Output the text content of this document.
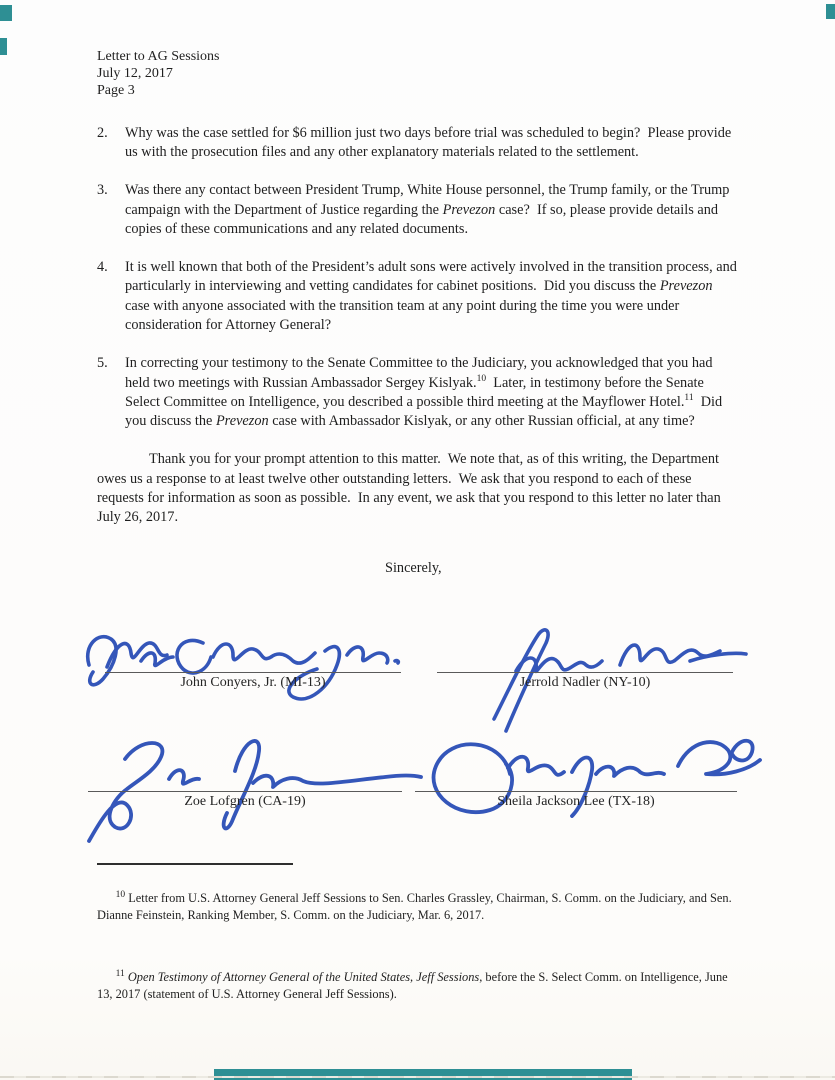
Letter to AG Sessions
July 12, 2017
Page 3
2.	Why was the case settled for $6 million just two days before trial was scheduled to begin?  Please provide us with the prosecution files and any other explanatory materials related to the settlement.
3.	Was there any contact between President Trump, White House personnel, the Trump family, or the Trump campaign with the Department of Justice regarding the Prevezon case?  If so, please provide details and copies of these communications and any related documents.
4.	It is well known that both of the President’s adult sons were actively involved in the transition process, and particularly in interviewing and vetting candidates for cabinet positions.  Did you discuss the Prevezon case with anyone associated with the transition team at any point during the time you were under consideration for Attorney General?
5.	In correcting your testimony to the Senate Committee to the Judiciary, you acknowledged that you had held two meetings with Russian Ambassador Sergey Kislyak.$^{10}$  Later, in testimony before the Senate Select Committee on Intelligence, you described a possible third meeting at the Mayflower Hotel.$^{11}$  Did you discuss the Prevezon case with Ambassador Kislyak, or any other Russian official, at any time?

Thank you for your prompt attention to this matter.  We note that, as of this writing, the Department owes us a response to at least twelve other outstanding letters.  We ask that you respond to each of these requests for information as soon as possible.  In any event, we ask that you respond to this letter no later than July 26, 2017.

Sincerely,
John Conyers, Jr. (MI-13)	Jerrold Nadler (NY-10)
Zoe Lofgren (CA-19)	Sheila Jackson Lee (TX-18)

$^{10}$ Letter from U.S. Attorney General Jeff Sessions to Sen. Charles Grassley, Chairman, S. Comm. on the Judiciary, and Sen. Dianne Feinstein, Ranking Member, S. Comm. on the Judiciary, Mar. 6, 2017.

$^{11}$ Open Testimony of Attorney General of the United States, Jeff Sessions, before the S. Select Comm. on Intelligence, June 13, 2017 (statement of U.S. Attorney General Jeff Sessions).
